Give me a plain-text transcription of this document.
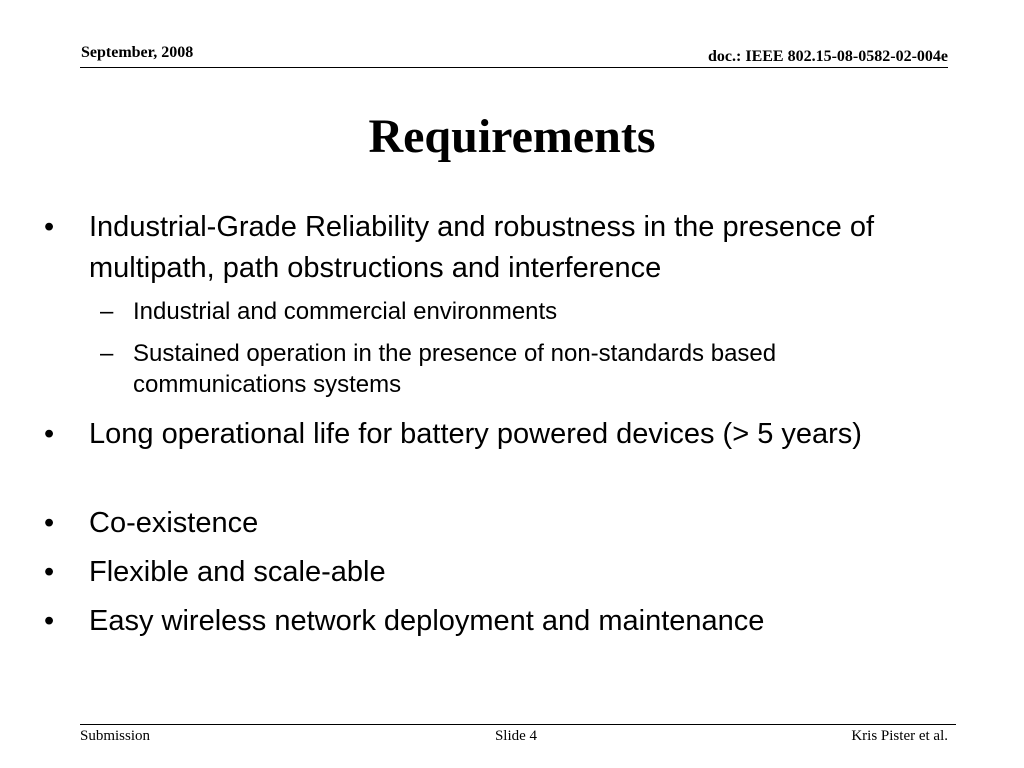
September, 2008	doc.: IEEE 802.15-08-0582-02-004e
Requirements
•	Industrial-Grade Reliability and robustness in the presence of multipath, path obstructions and interference
– Industrial and commercial environments
– Sustained operation in the presence of non-standards based communications systems
•	Long operational life for battery powered devices (> 5 years)
•	Co-existence
•	Flexible and scale-able
•	Easy wireless network deployment and maintenance
Submission	Slide 4	Kris Pister et al.
